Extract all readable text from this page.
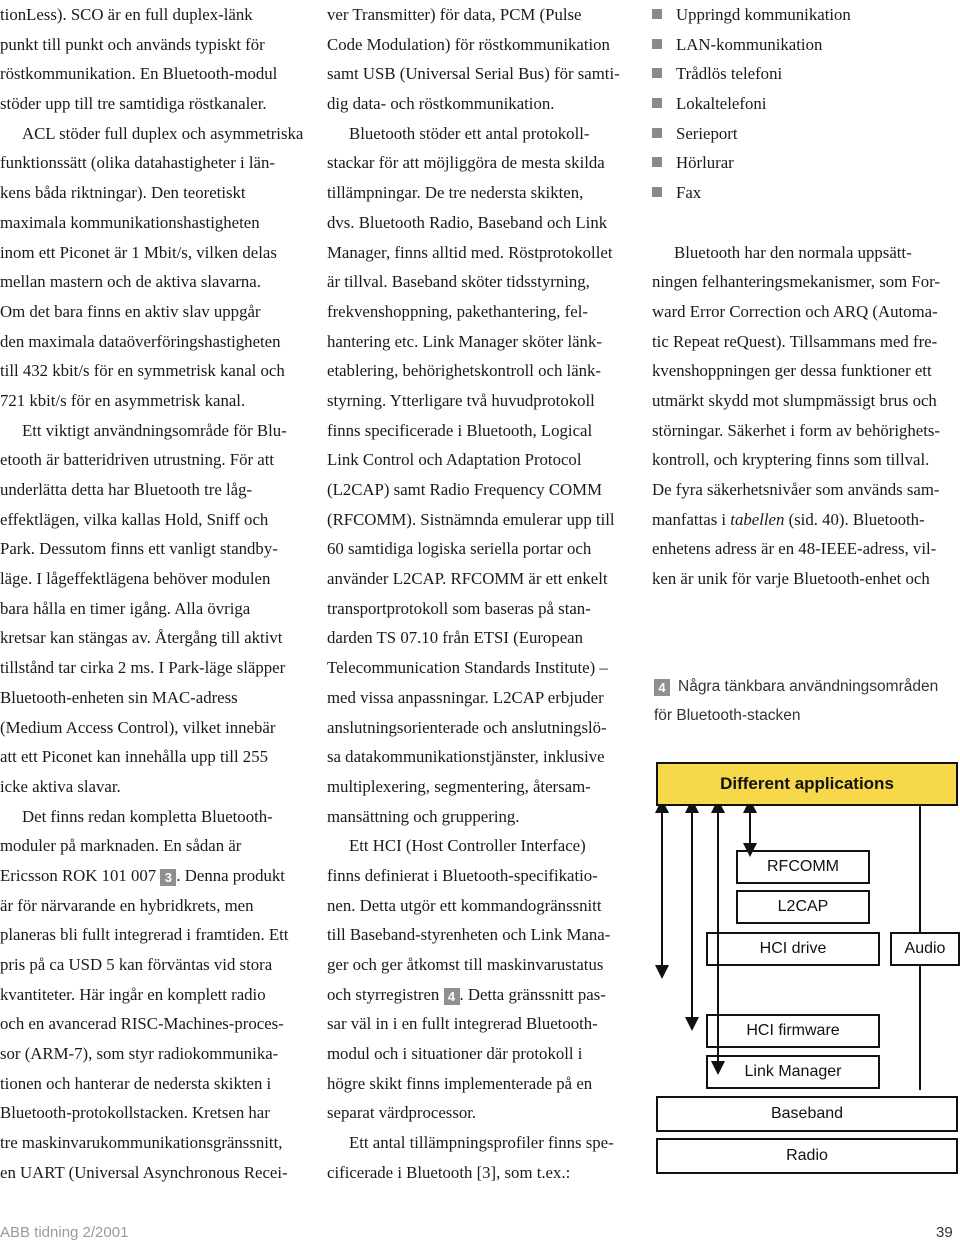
tionLess). SCO är en full duplex-länk
punkt till punkt och används typiskt för
röstkommunikation. En Bluetooth-modul
stöder upp till tre samtidiga röstkanaler.
ACL stöder full duplex och asymmetriska
funktionssätt (olika datahastigheter i län-
kens båda riktningar). Den teoretiskt
maximala kommunikationshastigheten
inom ett Piconet är 1 Mbit/s, vilken delas
mellan mastern och de aktiva slavarna.
Om det bara finns en aktiv slav uppgår
den maximala dataöverföringshastigheten
till 432 kbit/s för en symmetrisk kanal och
721 kbit/s för en asymmetrisk kanal.
Ett viktigt användningsområde för Blu-
etooth är batteridriven utrustning. För att
underlätta detta har Bluetooth tre låg-
effektlägen, vilka kallas Hold, Sniff och
Park. Dessutom finns ett vanligt standby-
läge. I lågeffektlägena behöver modulen
bara hålla en timer igång. Alla övriga
kretsar kan stängas av. Återgång till aktivt
tillstånd tar cirka 2 ms. I Park-läge släpper
Bluetooth-enheten sin MAC-adress
(Medium Access Control), vilket innebär
att ett Piconet kan innehålla upp till 255
icke aktiva slavar.
Det finns redan kompletta Bluetooth-
moduler på marknaden. En sådan är
Ericsson ROK 101 007 3 . Denna produkt
är för närvarande en hybridkrets, men
planeras bli fullt integrerad i framtiden. Ett
pris på ca USD 5 kan förväntas vid stora
kvantiteter. Här ingår en komplett radio
och en avancerad RISC-Machines-proces-
sor (ARM-7), som styr radiokommunika-
tionen och hanterar de nedersta skikten i
Bluetooth-protokollstacken. Kretsen har
tre maskinvarukommunikationsgränssnitt,
en UART (Universal Asynchronous Recei-
ver Transmitter) för data, PCM (Pulse
Code Modulation) för röstkommunikation
samt USB (Universal Serial Bus) för samti-
dig data- och röstkommunikation.
Bluetooth stöder ett antal protokoll-
stackar för att möjliggöra de mesta skilda
tillämpningar. De tre nedersta skikten,
dvs. Bluetooth Radio, Baseband och Link
Manager, finns alltid med. Röstprotokollet
är tillval. Baseband sköter tidsstyrning,
frekvenshoppning, pakethantering, fel-
hantering etc. Link Manager sköter länk-
etablering, behörighetskontroll och länk-
styrning. Ytterligare två huvudprotokoll
finns specificerade i Bluetooth, Logical
Link Control och Adaptation Protocol
(L2CAP) samt Radio Frequency COMM
(RFCOMM). Sistnämnda emulerar upp till
60 samtidiga logiska seriella portar och
använder L2CAP. RFCOMM är ett enkelt
transportprotokoll som baseras på stan-
darden TS 07.10 från ETSI (European
Telecommunication Standards Institute) –
med vissa anpassningar. L2CAP erbjuder
anslutningsorienterade och anslutningslö-
sa datakommunikationstjänster, inklusive
multiplexering, segmentering, återsam-
mansättning och gruppering.
Ett HCI (Host Controller Interface)
finns definierat i Bluetooth-specifikatio-
nen. Detta utgör ett kommandogränssnitt
till Baseband-styrenheten och Link Mana-
ger och ger åtkomst till maskinvarustatus
och styrregistren 4 . Detta gränssnitt pas-
sar väl in i en fullt integrerad Bluetooth-
modul och i situationer där protokoll i
högre skikt finns implementerade på en
separat värdprocessor.
Ett antal tillämpningsprofiler finns spe-
cificerade i Bluetooth [3], som t.ex.:
Uppringd kommunikation
LAN-kommunikation
Trådlös telefoni
Lokaltelefoni
Serieport
Hörlurar
Fax
Bluetooth har den normala uppsätt-
ningen felhanteringsmekanismer, som For-
ward Error Correction och ARQ (Automa-
tic Repeat reQuest). Tillsammans med fre-
kvenshoppningen ger dessa funktioner ett
utmärkt skydd mot slumpmässigt brus och
störningar. Säkerhet i form av behörighets-
kontroll, och kryptering finns som tillval.
De fyra säkerhetsnivåer som används sam-
manfattas i tabellen (sid. 40). Bluetooth-
enhetens adress är en 48-IEEE-adress, vil-
ken är unik för varje Bluetooth-enhet och
4 Några tänkbara användningsområden
för Bluetooth-stacken
Different applications
RFCOMM
L2CAP
HCI drive	Audio
HCI firmware
Link Manager
Baseband
Radio
ABB tidning 2/2001	39
